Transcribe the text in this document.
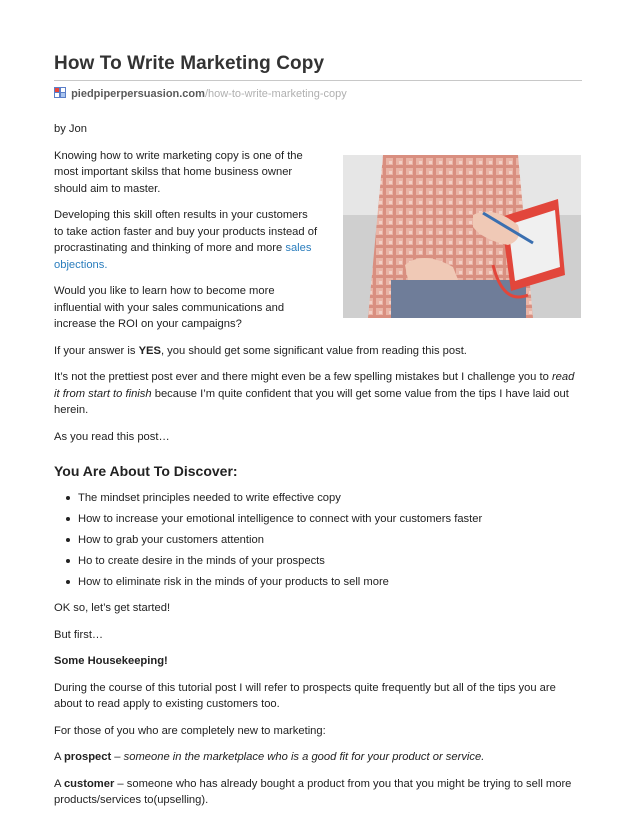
How To Write Marketing Copy
piedpiperpersuasion.com/how-to-write-marketing-copy

by Jon

Knowing how to write marketing copy is one of the most important skilss that home business owner should aim to master.

Developing this skill often results in your customers to take action faster and buy your products instead of procrastinating and thinking of more and more sales objections.

Would you like to learn how to become more influential with your sales communications and increase the ROI on your campaigns?

If your answer is YES, you should get some significant value from reading this post.

It’s not the prettiest post ever and there might even be a few spelling mistakes but I challenge you to read it from start to finish because I’m quite confident that you will get some value from the tips I have laid out herein.

As you read this post…

You Are About To Discover:
The mindset principles needed to write effective copy
How to increase your emotional intelligence to connect with your customers faster
How to grab your customers attention
Ho to create desire in the minds of your prospects
How to eliminate risk in the minds of your products to sell more

OK so, let’s get started!

But first…

Some Housekeeping!

During the course of this tutorial post I will refer to prospects quite frequently but all of the tips you are about to read apply to existing customers too.

For those of you who are completely new to marketing:

A prospect – someone in the marketplace who is a good fit for your product or service.

A customer – someone who has already bought a product from you that you might be trying to sell more products/services to(upselling).
